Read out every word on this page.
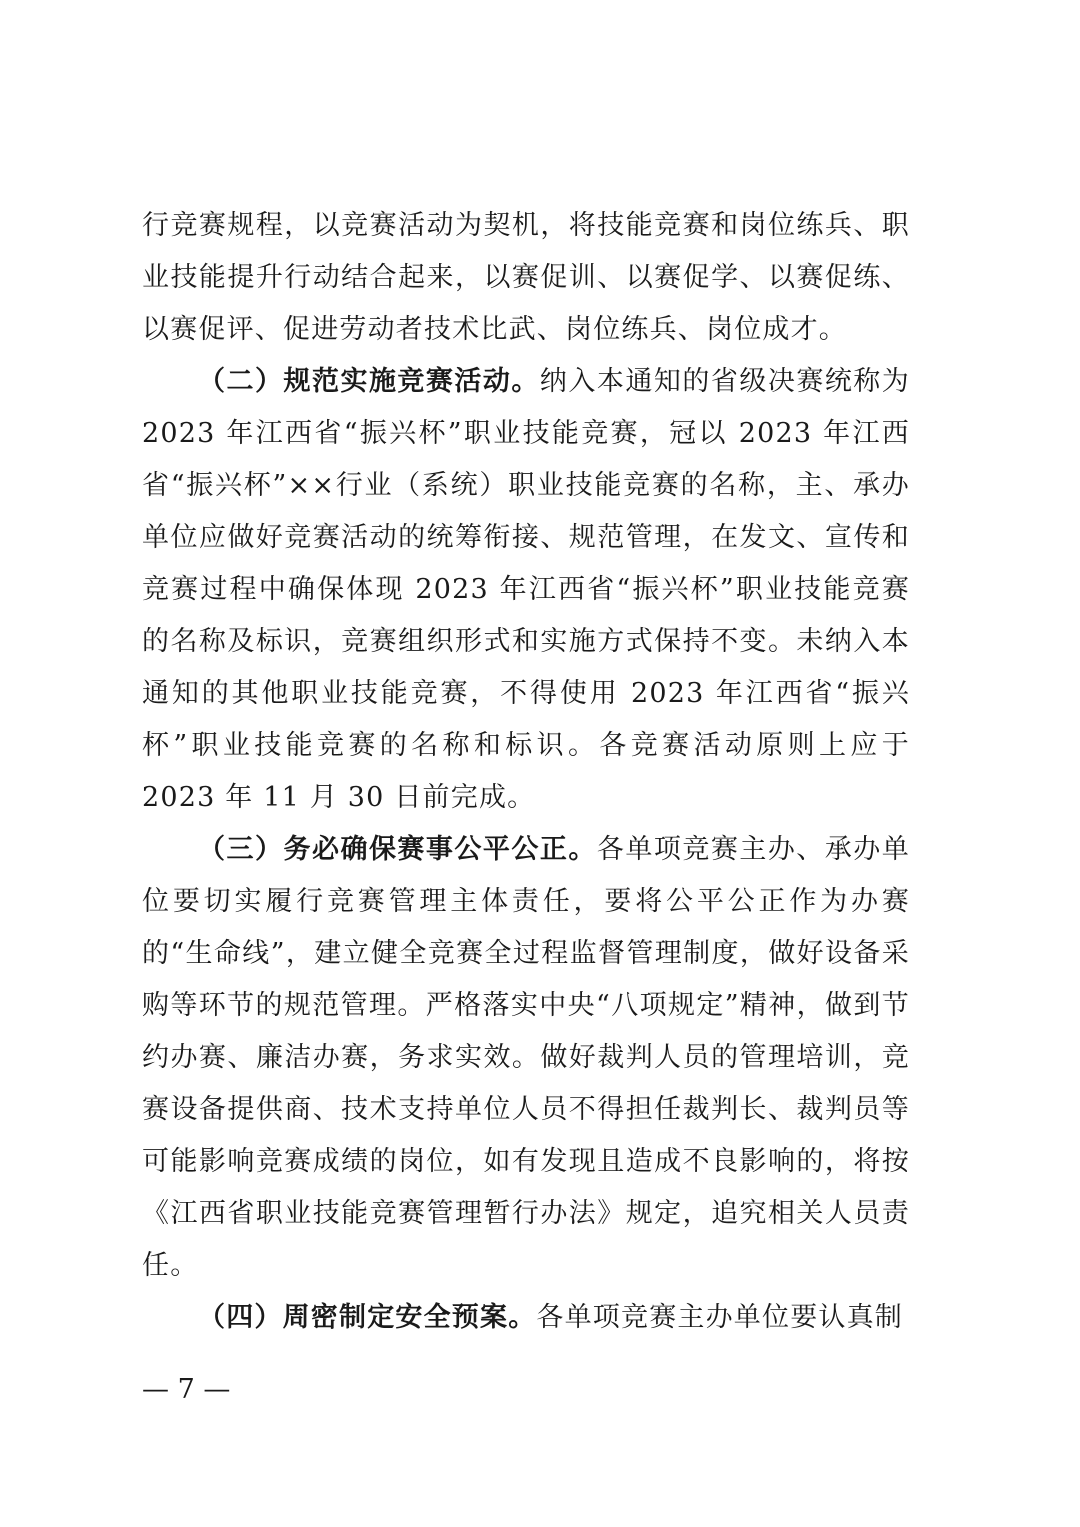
行竞赛规程，以竞赛活动为契机，将技能竞赛和岗位练兵、职业技能提升行动结合起来，以赛促训、以赛促学、以赛促练、以赛促评、促进劳动者技术比武、岗位练兵、岗位成才。

（二）规范实施竞赛活动。纳入本通知的省级决赛统称为 2023 年江西省“振兴杯”职业技能竞赛，冠以 2023 年江西省“振兴杯”××行业（系统）职业技能竞赛的名称，主、承办单位应做好竞赛活动的统筹衔接、规范管理，在发文、宣传和竞赛过程中确保体现 2023 年江西省“振兴杯”职业技能竞赛的名称及标识，竞赛组织形式和实施方式保持不变。未纳入本通知的其他职业技能竞赛，不得使用 2023 年江西省“振兴杯”职业技能竞赛的名称和标识。各竞赛活动原则上应于 2023 年 11 月 30 日前完成。

（三）务必确保赛事公平公正。各单项竞赛主办、承办单位要切实履行竞赛管理主体责任，要将公平公正作为办赛的“生命线”，建立健全竞赛全过程监督管理制度，做好设备采购等环节的规范管理。严格落实中央“八项规定”精神，做到节约办赛、廉洁办赛，务求实效。做好裁判人员的管理培训，竞赛设备提供商、技术支持单位人员不得担任裁判长、裁判员等可能影响竞赛成绩的岗位，如有发现且造成不良影响的，将按《江西省职业技能竞赛管理暂行办法》规定，追究相关人员责任。

（四）周密制定安全预案。各单项竞赛主办单位要认真制

— 7 —
